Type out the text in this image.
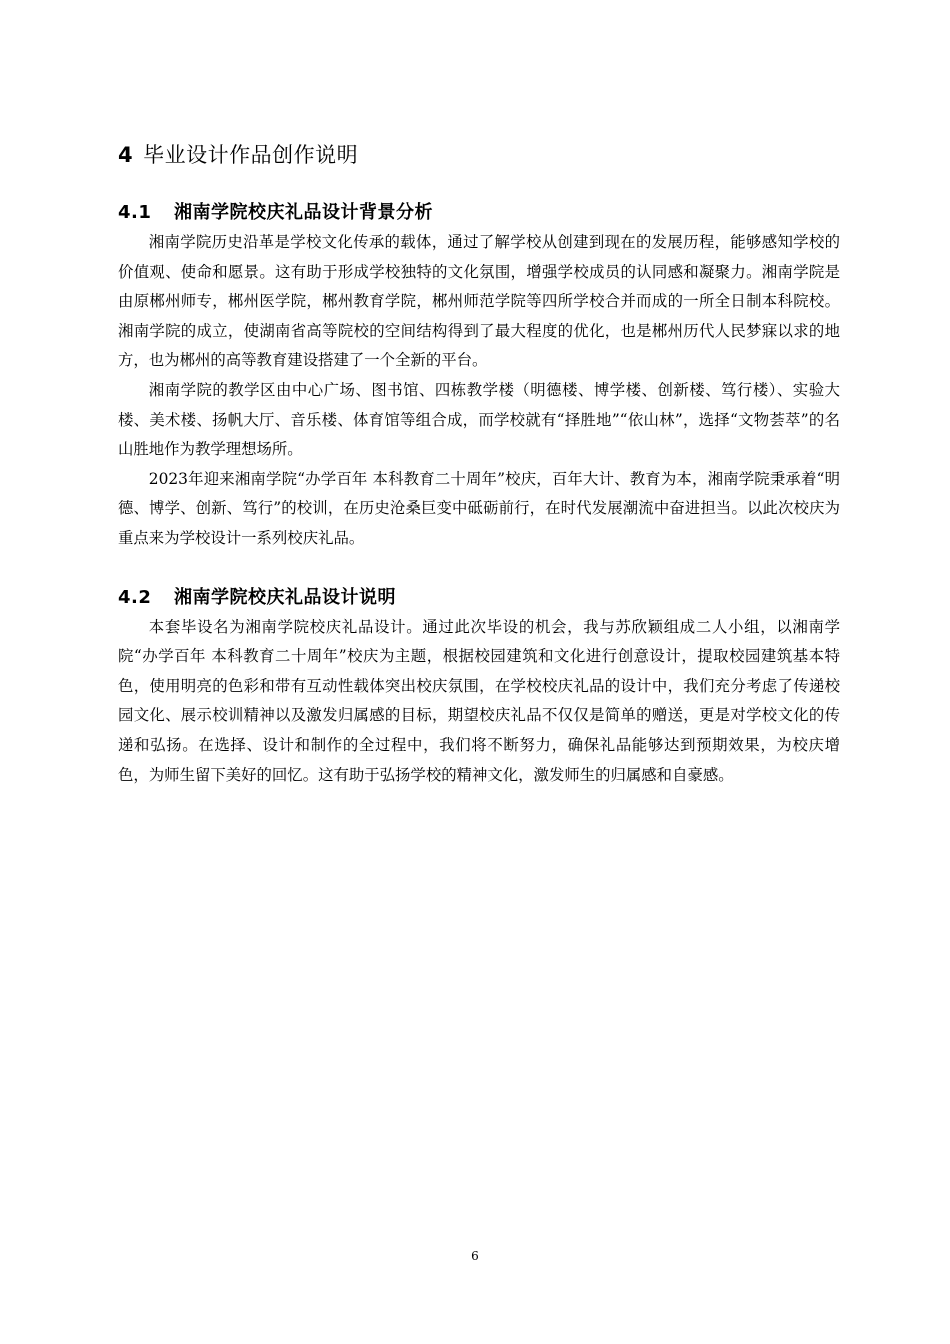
4 毕业设计作品创作说明
4.1 湘南学院校庆礼品设计背景分析

湘南学院历史沿革是学校文化传承的载体，通过了解学校从创建到现在的发展历程，能够感知学校的价值观、使命和愿景。这有助于形成学校独特的文化氛围，增强学校成员的认同感和凝聚力。湘南学院是由原郴州师专，郴州医学院，郴州教育学院，郴州师范学院等四所学校合并而成的一所全日制本科院校。湘南学院的成立，使湖南省高等院校的空间结构得到了最大程度的优化，也是郴州历代人民梦寐以求的地方，也为郴州的高等教育建设搭建了一个全新的平台。

湘南学院的教学区由中心广场、图书馆、四栋教学楼（明德楼、博学楼、创新楼、笃行楼）、实验大楼、美术楼、扬帆大厅、音乐楼、体育馆等组合成，而学校就有“择胜地”“依山林”，选择“文物荟萃”的名山胜地作为教学理想场所。

2023年迎来湘南学院“办学百年 本科教育二十周年”校庆，百年大计、教育为本，湘南学院秉承着“明德、博学、创新、笃行”的校训，在历史沧桑巨变中砥砺前行，在时代发展潮流中奋进担当。以此次校庆为重点来为学校设计一系列校庆礼品。

4.2 湘南学院校庆礼品设计说明

本套毕设名为湘南学院校庆礼品设计。通过此次毕设的机会，我与苏欣颖组成二人小组，以湘南学院“办学百年 本科教育二十周年”校庆为主题，根据校园建筑和文化进行创意设计，提取校园建筑基本特色，使用明亮的色彩和带有互动性载体突出校庆氛围，在学校校庆礼品的设计中，我们充分考虑了传递校园文化、展示校训精神以及激发归属感的目标，期望校庆礼品不仅仅是简单的赠送，更是对学校文化的传递和弘扬。在选择、设计和制作的全过程中，我们将不断努力，确保礼品能够达到预期效果，为校庆增色，为师生留下美好的回忆。这有助于弘扬学校的精神文化，激发师生的归属感和自豪感。

6
